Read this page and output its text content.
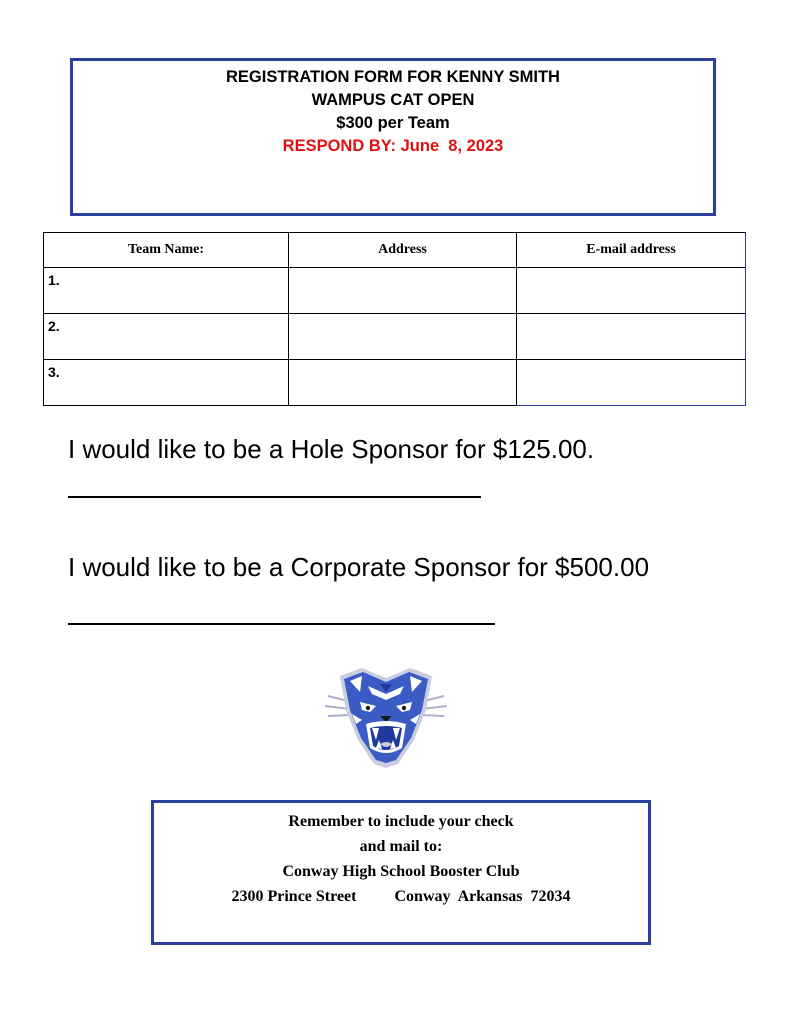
REGISTRATION FORM FOR KENNY SMITH
WAMPUS CAT OPEN
$300 per Team
RESPOND BY: June  8, 2023
Team Name:	Address	E-mail address
1.		
2.		
3.		
I would like to be a Hole Sponsor for $125.00.
I would like to be a Corporate Sponsor for $500.00
Remember to include your check
and mail to:
Conway High School Booster Club
2300 Prince Street Conway  Arkansas  72034
